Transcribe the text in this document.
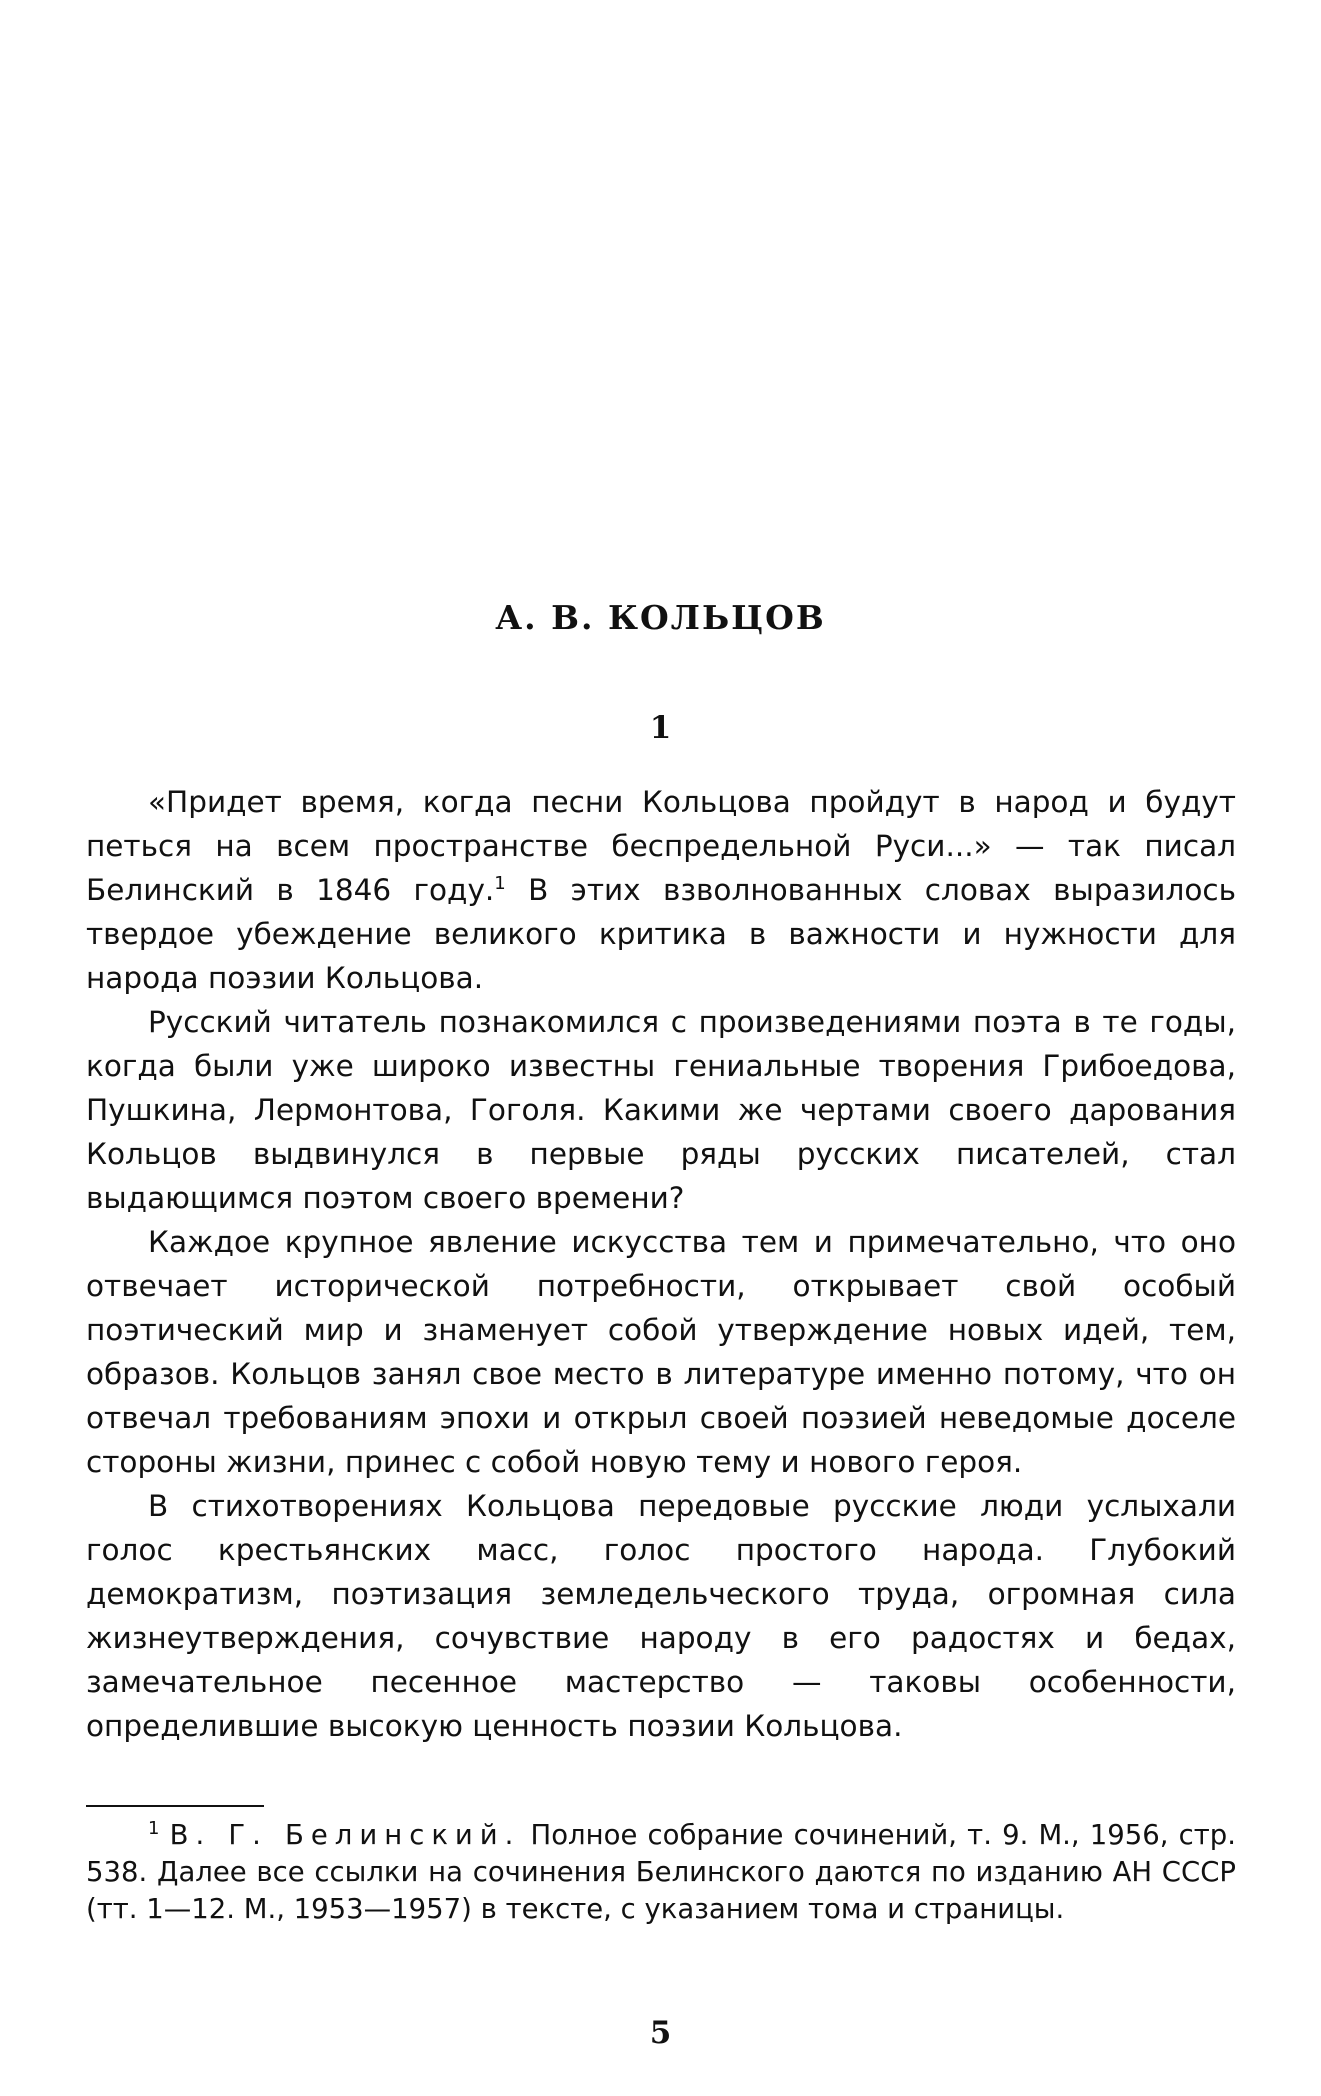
А. В. КОЛЬЦОВ
1

«Придет время, когда песни Кольцова пройдут в народ и будут петься на всем пространстве беспредельной Руси...» — так писал Белинский в 1846 году.$^1$ В этих взволнованных словах выразилось твердое убеждение великого критика в важности и нужности для народа поэзии Кольцова.

Русский читатель познакомился с произведениями поэта в те годы, когда были уже широко известны гениальные творения Грибоедова, Пушкина, Лермонтова, Гоголя. Какими же чертами своего дарования Кольцов выдвинулся в первые ряды русских писателей, стал выдающимся поэтом своего времени?

Каждое крупное явление искусства тем и примечательно, что оно отвечает исторической потребности, открывает свой особый поэтический мир и знаменует собой утверждение новых идей, тем, образов. Кольцов занял свое место в литературе именно потому, что он отвечал требованиям эпохи и открыл своей поэзией неведомые доселе стороны жизни, принес с собой новую тему и нового героя.

В стихотворениях Кольцова передовые русские люди услыхали голос крестьянских масс, голос простого народа. Глубокий демократизм, поэтизация земледельческого труда, огромная сила жизнеутверждения, сочувствие народу в его радостях и бедах, замечательное песенное мастерство — таковы особенности, определившие высокую ценность поэзии Кольцова.

$^1$ В. Г. Белинский. Полное собрание сочинений, т. 9. М., 1956, стр. 538. Далее все ссылки на сочинения Белинского даются по изданию АН СССР (тт. 1—12. М., 1953—1957) в тексте, с указанием тома и страницы.

5
